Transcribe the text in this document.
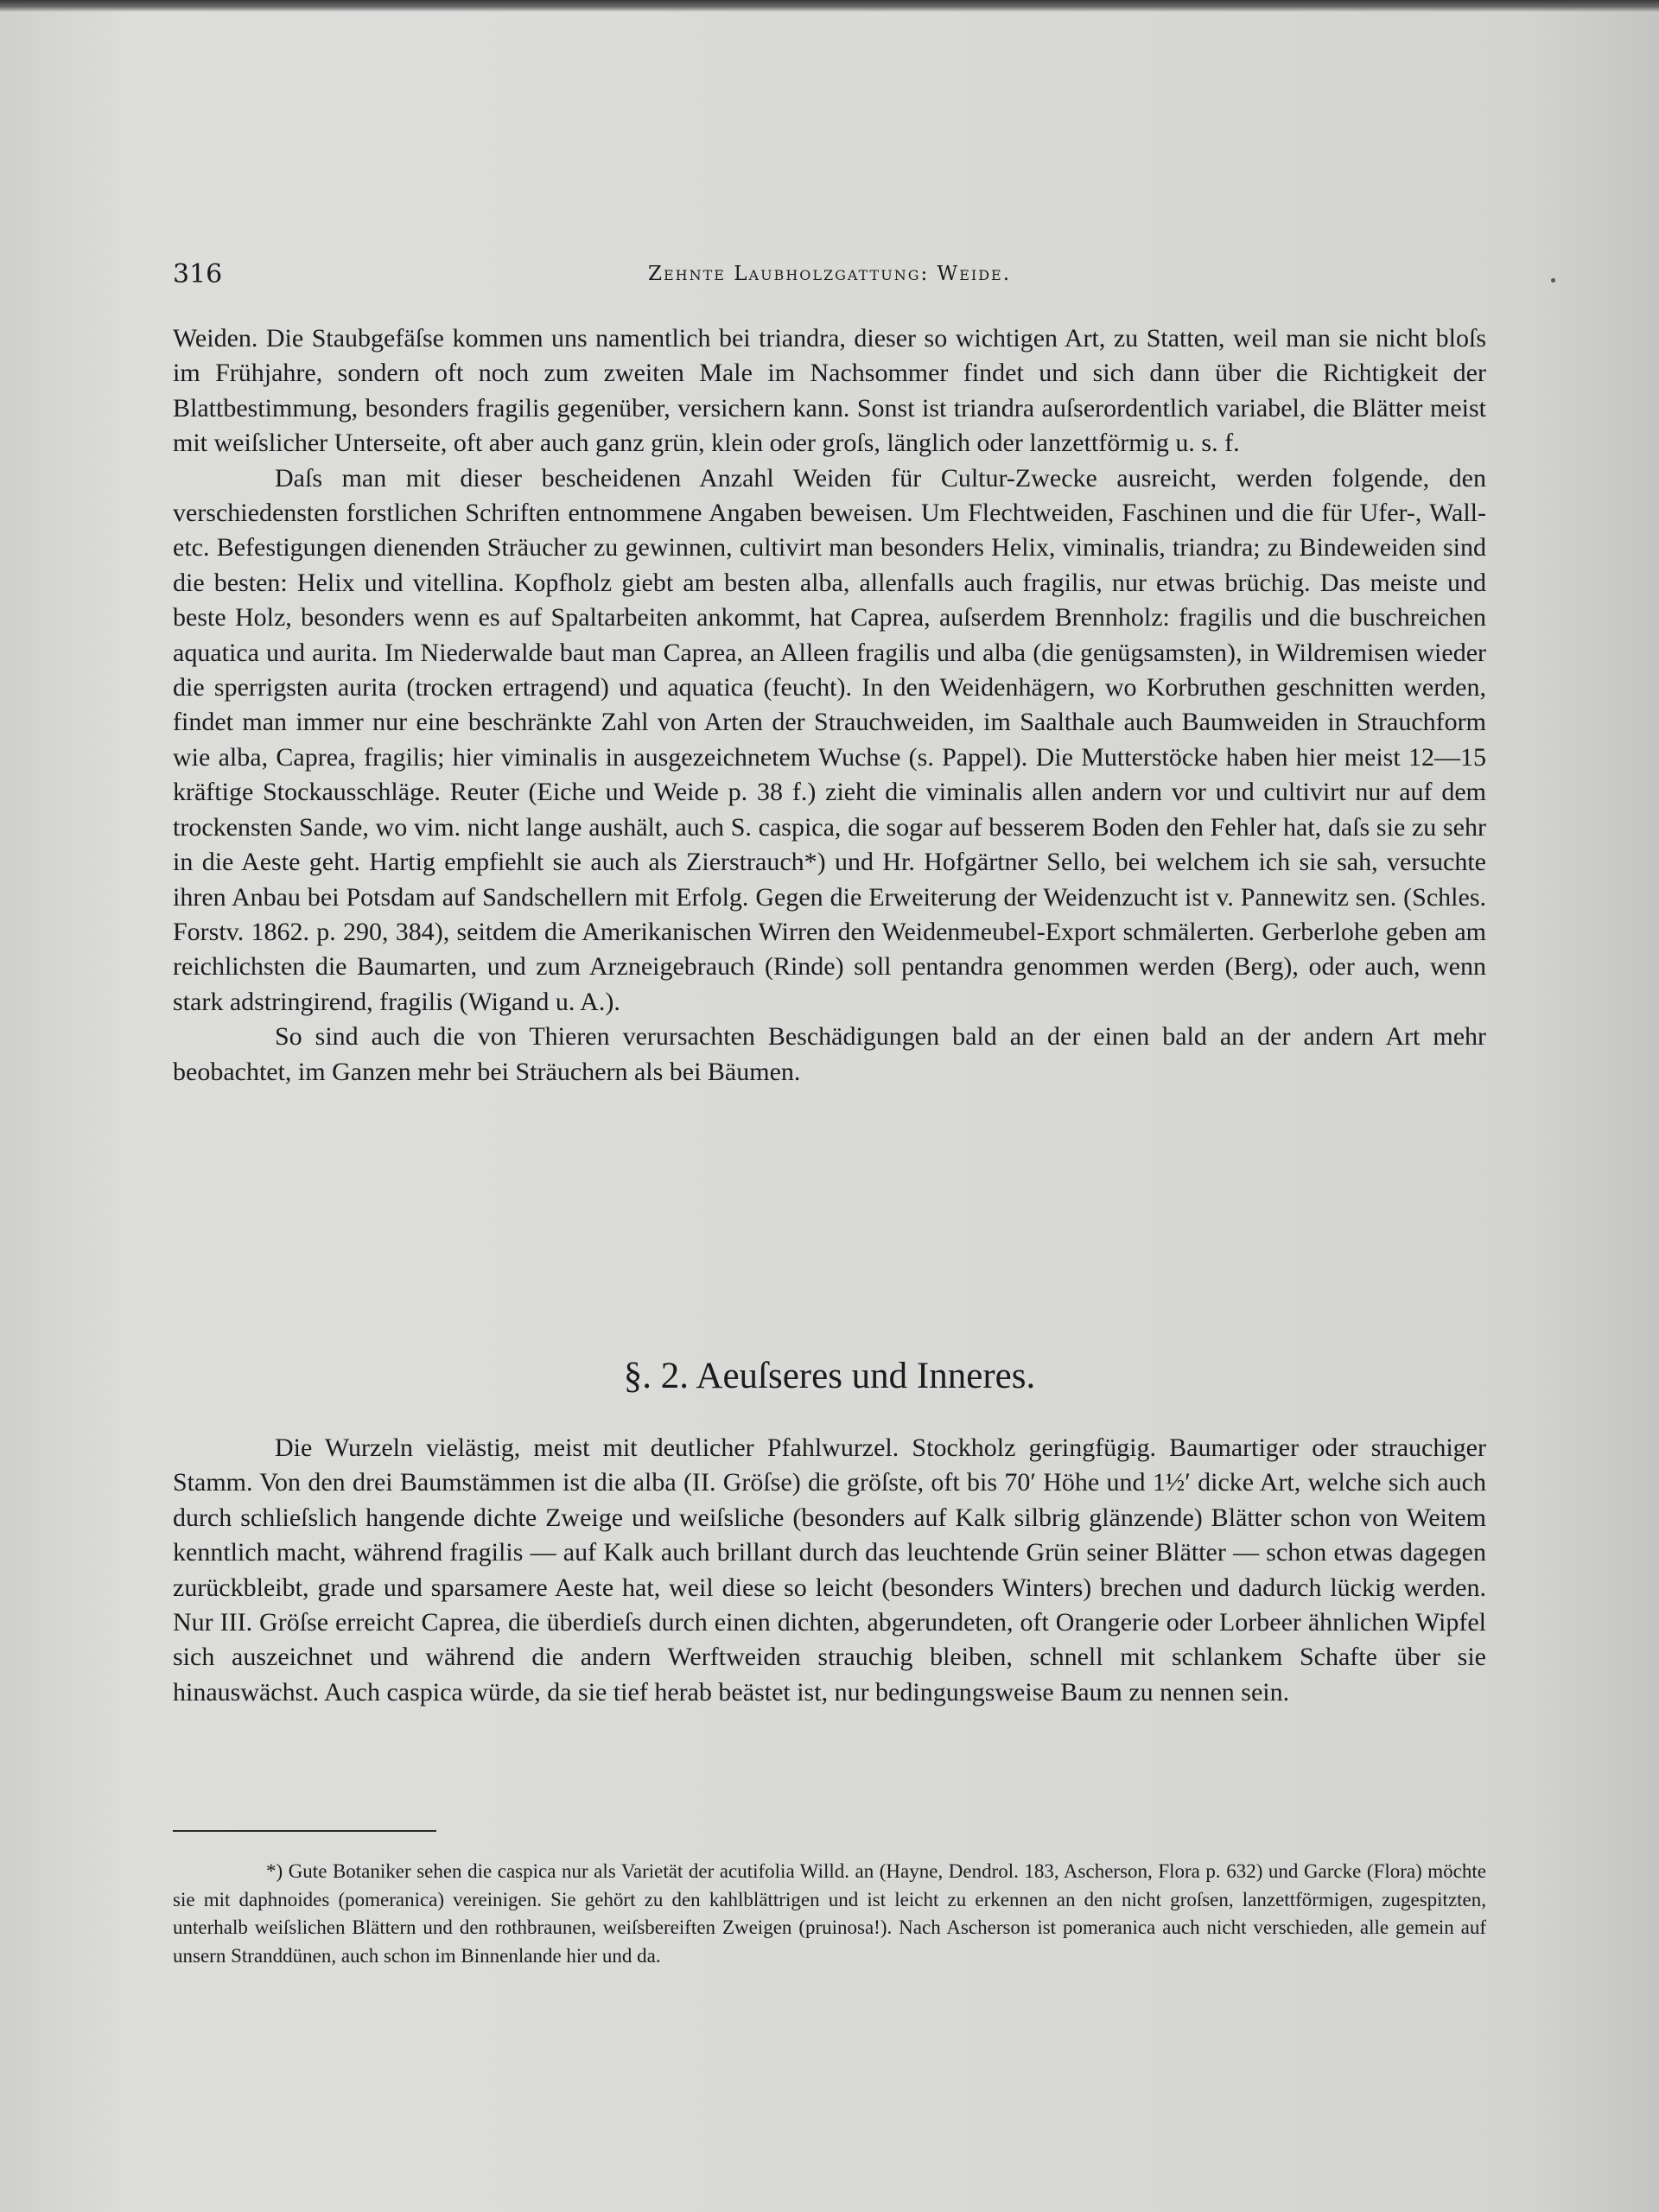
316	Zehnte Laubholzgattung: Weide.

Weiden. Die Staubgefäſse kommen uns namentlich bei triandra, dieser so wichtigen Art, zu Statten, weil man sie nicht bloſs im Frühjahre, sondern oft noch zum zweiten Male im Nachsommer findet und sich dann über die Richtigkeit der Blattbestimmung, besonders fragilis gegenüber, versichern kann. Sonst ist triandra auſserordentlich variabel, die Blätter meist mit weiſslicher Unterseite, oft aber auch ganz grün, klein oder groſs, länglich oder lanzettförmig u. s. f.

Daſs man mit dieser bescheidenen Anzahl Weiden für Cultur-Zwecke ausreicht, werden folgende, den verschiedensten forstlichen Schriften entnommene Angaben beweisen. Um Flechtweiden, Faschinen und die für Ufer-, Wall- etc. Befestigungen dienenden Sträucher zu gewinnen, cultivirt man besonders Helix, viminalis, triandra; zu Bindeweiden sind die besten: Helix und vitellina. Kopfholz giebt am besten alba, allenfalls auch fragilis, nur etwas brüchig. Das meiste und beste Holz, besonders wenn es auf Spaltarbeiten ankommt, hat Caprea, auſserdem Brennholz: fragilis und die buschreichen aquatica und aurita. Im Niederwalde baut man Caprea, an Alleen fragilis und alba (die genügsamsten), in Wildremisen wieder die sperrigsten aurita (trocken ertragend) und aquatica (feucht). In den Weidenhägern, wo Korbruthen geschnitten werden, findet man immer nur eine beschränkte Zahl von Arten der Strauchweiden, im Saalthale auch Baumweiden in Strauchform wie alba, Caprea, fragilis; hier viminalis in ausgezeichnetem Wuchse (s. Pappel). Die Mutterstöcke haben hier meist 12—15 kräftige Stockausschläge. Reuter (Eiche und Weide p. 38 f.) zieht die viminalis allen andern vor und cultivirt nur auf dem trockensten Sande, wo vim. nicht lange aushält, auch S. caspica, die sogar auf besserem Boden den Fehler hat, daſs sie zu sehr in die Aeste geht. Hartig empfiehlt sie auch als Zierstrauch*) und Hr. Hofgärtner Sello, bei welchem ich sie sah, versuchte ihren Anbau bei Potsdam auf Sandschellern mit Erfolg. Gegen die Erweiterung der Weidenzucht ist v. Pannewitz sen. (Schles. Forstv. 1862. p. 290, 384), seitdem die Amerikanischen Wirren den Weidenmeubel-Export schmälerten. Gerberlohe geben am reichlichsten die Baumarten, und zum Arzneigebrauch (Rinde) soll pentandra genommen werden (Berg), oder auch, wenn stark adstringirend, fragilis (Wigand u. A.).

So sind auch die von Thieren verursachten Beschädigungen bald an der einen bald an der andern Art mehr beobachtet, im Ganzen mehr bei Sträuchern als bei Bäumen.

§. 2. Aeuſseres und Inneres.

Die Wurzeln vielästig, meist mit deutlicher Pfahlwurzel. Stockholz geringfügig. Baumartiger oder strauchiger Stamm. Von den drei Baumstämmen ist die alba (II. Gröſse) die gröſste, oft bis 70′ Höhe und 1½′ dicke Art, welche sich auch durch schlieſslich hangende dichte Zweige und weiſsliche (besonders auf Kalk silbrig glänzende) Blätter schon von Weitem kenntlich macht, während fragilis — auf Kalk auch brillant durch das leuchtende Grün seiner Blätter — schon etwas dagegen zurückbleibt, grade und sparsamere Aeste hat, weil diese so leicht (besonders Winters) brechen und dadurch lückig werden. Nur III. Gröſse erreicht Caprea, die überdieſs durch einen dichten, abgerundeten, oft Orangerie oder Lorbeer ähnlichen Wipfel sich auszeichnet und während die andern Werftweiden strauchig bleiben, schnell mit schlankem Schafte über sie hinauswächst. Auch caspica würde, da sie tief herab beästet ist, nur bedingungsweise Baum zu nennen sein.

*) Gute Botaniker sehen die caspica nur als Varietät der acutifolia Willd. an (Hayne, Dendrol. 183, Ascherson, Flora p. 632) und Garcke (Flora) möchte sie mit daphnoides (pomeranica) vereinigen. Sie gehört zu den kahlblättrigen und ist leicht zu erkennen an den nicht groſsen, lanzettförmigen, zugespitzten, unterhalb weiſslichen Blättern und den rothbraunen, weiſsbereiften Zweigen (pruinosa!). Nach Ascherson ist pomeranica auch nicht verschieden, alle gemein auf unsern Stranddünen, auch schon im Binnenlande hier und da.
